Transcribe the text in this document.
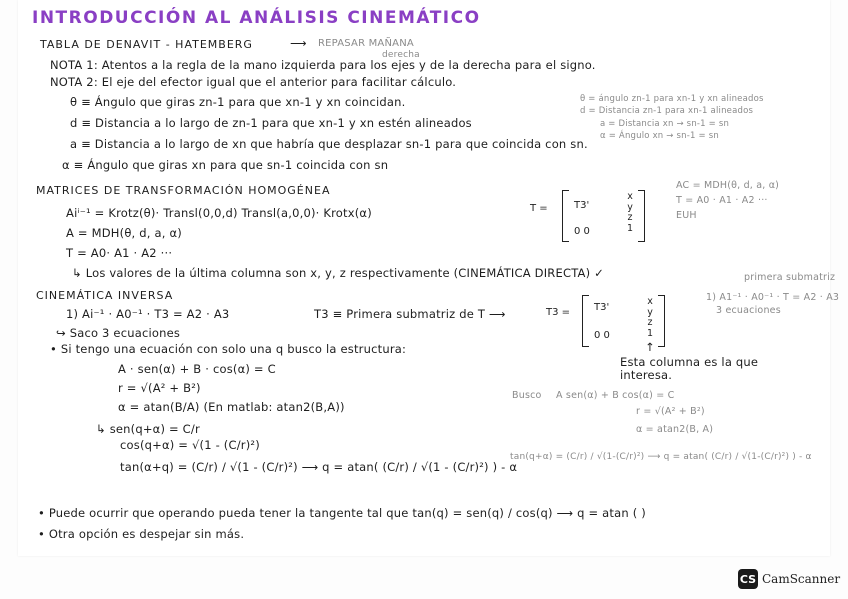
INTRODUCCIÓN AL ANÁLISIS CINEMÁTICO
TABLA DE DENAVIT - HATEMBERG	⟶ REPASAR MAÑANA
derecha
NOTA 1: Atentos a la regla de la mano izquierda para los ejes y de la derecha para el signo.
NOTA 2: El eje del efector igual que el anterior para facilitar cálculo.
θ ≡ Ángulo que giras zn-1 para que xn-1 y xn coincidan.
d ≡ Distancia a lo largo de zn-1 para que xn-1 y xn estén alineados
a ≡ Distancia a lo largo de xn que habría que desplazar sn-1 para que coincida con sn.
α ≡ Ángulo que giras xn para que sn-1 coincida con sn
θ = ángulo zn-1 para xn-1 y xn alineados
d = Distancia zn-1 para xn-1 alineados
a = Distancia xn → sn-1 = sn
α = Ángulo xn → sn-1 = sn
MATRICES DE TRANSFORMACIÓN HOMOGÉNEA
Aiⁱ⁻¹ = Krotz(θ)· Transl(0,0,d) Transl(a,0,0)· Krotx(α)
A = MDH(θ, d, a, α)
T = A0· A1 · A2 ···
↳ Los valores de la última columna son x, y, z respectivamente (CINEMÁTICA DIRECTA) ✓
T =	T3'
0 0
x
y
z
1
AC = MDH(θ, d, a, α)
T = A0 · A1 · A2 ···
EUH
CINEMÁTICA INVERSA
1) Ai⁻¹ · A0⁻¹ · T3 = A2 · A3	T3 ≡ Primera submatriz de T ⟶	T3 = T3'
0 0
x
y
z
1
↑
Esta columna es la que
interesa.
primera submatriz
1) A1⁻¹ · A0⁻¹ · T = A2 · A3
3 ecuaciones
↪ Saco 3 ecuaciones
• Si tengo una ecuación con solo una q busco la estructura:
A · sen(α) + B · cos(α) = C
r = √(A² + B²)
α = atan(B/A) (En matlab: atan2(B,A))
↳ sen(q+α) = C/r
cos(q+α) = √(1 - (C/r)²)
tan(α+q) = (C/r) / √(1 - (C/r)²) ⟶ q = atan( (C/r) / √(1 - (C/r)²) ) - α
Busco A sen(α) + B cos(α) = C
r = √(A² + B²)
α = atan2(B, A)
tan(q+α) = (C/r) / √(1-(C/r)²) ⟶ q = atan( (C/r) / √(1-(C/r)²) ) - α
• Puede ocurrir que operando pueda tener la tangente tal que tan(q) = sen(q) / cos(q) ⟶ q = atan ( )
• Otra opción es despejar sin más.
CS CamScanner
